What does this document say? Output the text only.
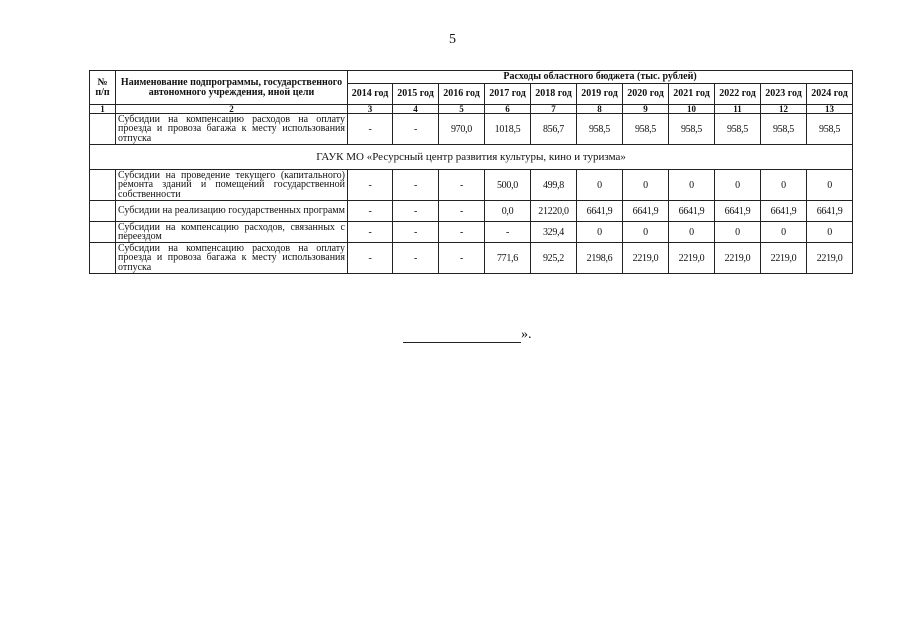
5
№ п/п	Наименование подпрограммы, государственного автономного учреждения, иной цели	Расходы областного бюджета (тыс. рублей)										
		2014 год	2015 год	2016 год	2017 год	2018 год	2019 год	2020 год	2021 год	2022 год	2023 год	2024 год
1	2	3	4	5	6	7	8	9	10	11	12	13
	Субсидии на компенсацию расходов на оплату проезда и провоза багажа к месту использования отпуска	-	-	970,0	1018,5	856,7	958,5	958,5	958,5	958,5	958,5	958,5
ГАУК МО «Ресурсный центр развития культуры, кино и туризма»												
	Субсидии на проведение текущего (капитального) ремонта зданий и помещений государственной собственности	-	-	-	500,0	499,8	0	0	0	0	0	0
	Субсидии на реализацию государственных программ	-	-	-	0,0	21220,0	6641,9	6641,9	6641,9	6641,9	6641,9	6641,9
	Субсидии на компенсацию расходов, связанных с переездом	-	-	-	-	329,4	0	0	0	0	0	0
	Субсидии на компенсацию расходов на оплату проезда и провоза багажа к месту использования отпуска	-	-	-	771,6	925,2	2198,6	2219,0	2219,0	2219,0	2219,0	2219,0
».
